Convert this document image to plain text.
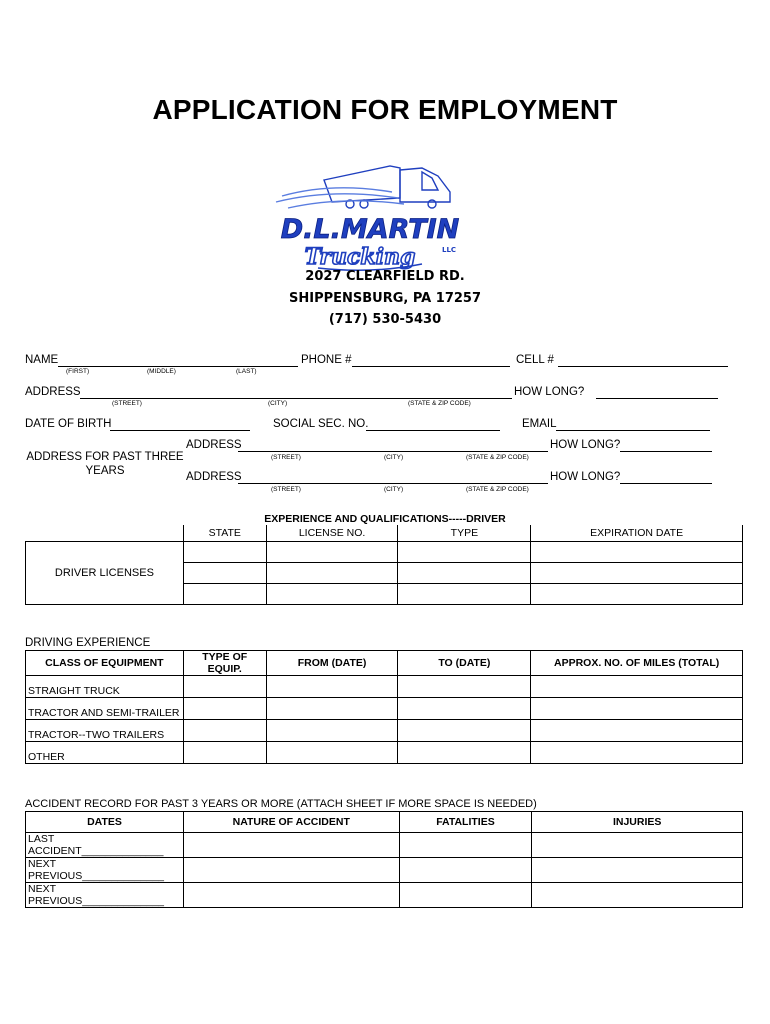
APPLICATION FOR EMPLOYMENT
D.L.MARTIN
Trucking	LLC
2027 CLEARFIELD RD.
SHIPPENSBURG, PA 17257
(717) 530-5430
NAME	PHONE #	CELL #
(FIRST)	(MIDDLE)	(LAST)
ADDRESS	HOW LONG?
(STREET)	(CITY)	(STATE & ZIP CODE)
DATE OF BIRTH	SOCIAL SEC. NO.	EMAIL
ADDRESS FOR PAST THREE YEARS
ADDRESS	HOW LONG?
(STREET)	(CITY)	(STATE & ZIP CODE)
ADDRESS	HOW LONG?
(STREET)	(CITY)	(STATE & ZIP CODE)
EXPERIENCE AND QUALIFICATIONS-----DRIVER
	STATE	LICENSE NO.	TYPE	EXPIRATION DATE
DRIVER LICENSES				

DRIVING EXPERIENCE
CLASS OF EQUIPMENT	TYPE OF EQUIP.	FROM (DATE)	TO (DATE)	APPROX. NO. OF MILES (TOTAL)
STRAIGHT TRUCK				
TRACTOR AND SEMI-TRAILER				
TRACTOR--TWO TRAILERS				
OTHER				
ACCIDENT RECORD FOR PAST 3 YEARS OR MORE (ATTACH SHEET IF MORE SPACE IS NEEDED)
DATES	NATURE OF ACCIDENT	FATALITIES	INJURIES
LAST ACCIDENT______________			
NEXT PREVIOUS______________			
NEXT PREVIOUS______________			
